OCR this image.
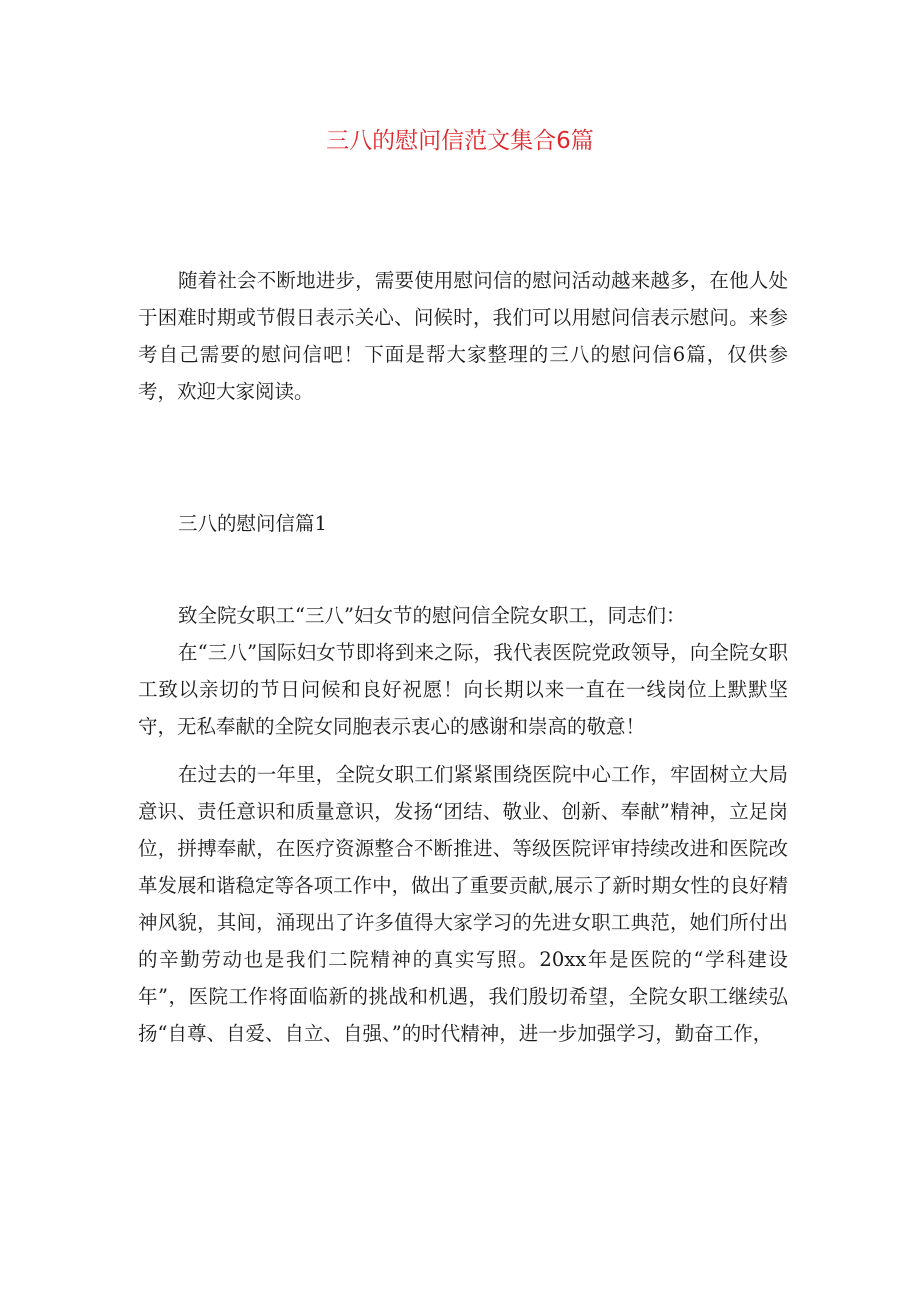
三八的慰问信范文集合6篇

随着社会不断地进步，需要使用慰问信的慰问活动越来越多，在他人处于困难时期或节假日表示关心、问候时，我们可以用慰问信表示慰问。来参考自己需要的慰问信吧！下面是帮大家整理的三八的慰问信6篇，仅供参考，欢迎大家阅读。

三八的慰问信篇1

致全院女职工“三八”妇女节的慰问信全院女职工，同志们：

在“三八”国际妇女节即将到来之际，我代表医院党政领导，向全院女职工致以亲切的节日问候和良好祝愿！向长期以来一直在一线岗位上默默坚守，无私奉献的全院女同胞表示衷心的感谢和崇高的敬意！

在过去的一年里，全院女职工们紧紧围绕医院中心工作，牢固树立大局意识、责任意识和质量意识，发扬“团结、敬业、创新、奉献”精神，立足岗位，拼搏奉献，在医疗资源整合不断推进、等级医院评审持续改进和医院改革发展和谐稳定等各项工作中，做出了重要贡献,展示了新时期女性的良好精神风貌，其间，涌现出了许多值得大家学习的先进女职工典范，她们所付出的辛勤劳动也是我们二院精神的真实写照。20xx年是医院的“学科建设年”，医院工作将面临新的挑战和机遇，我们殷切希望，全院女职工继续弘扬“自尊、自爱、自立、自强、”的时代精神，进一步加强学习，勤奋工作，
